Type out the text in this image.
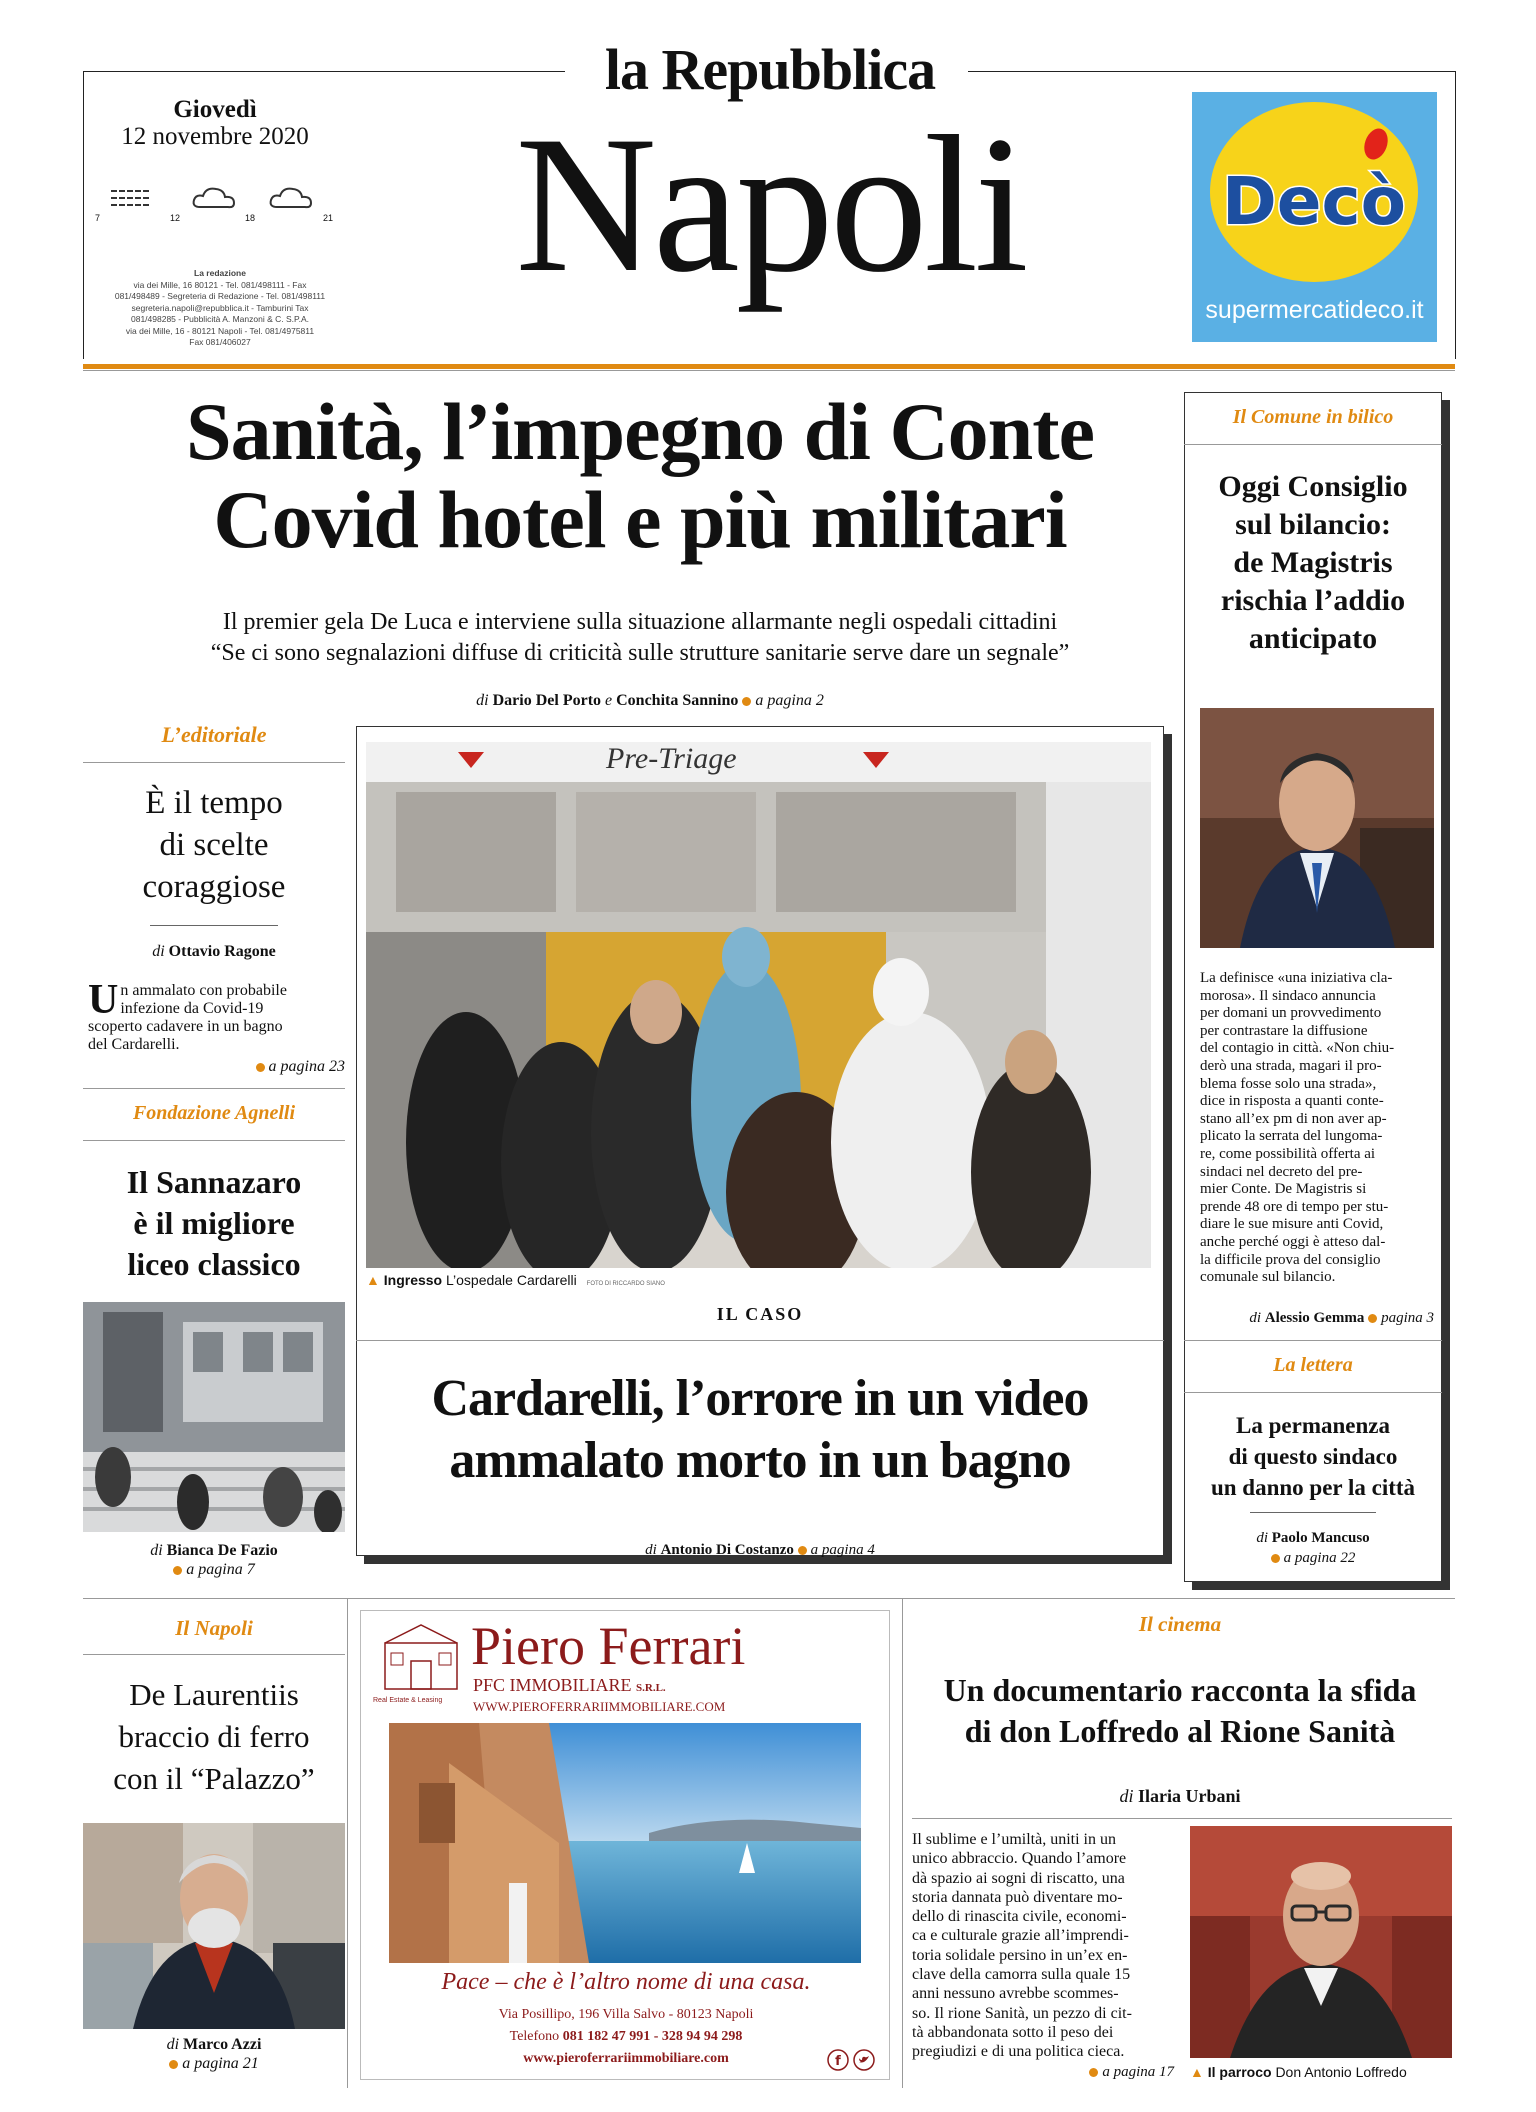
la Repubblica
Napoli
Giovedì
12 novembre 2020
7	12	18	21
La redazione
via dei Mille, 16 80121 - Tel. 081/498111 - Fax
081/498489 - Segreteria di Redazione - Tel. 081/498111
segreteria.napoli@repubblica.it - Tamburini Tax
081/498285 - Pubblicità A. Manzoni & C. S.P.A.
via dei Mille, 16 - 80121 Napoli - Tel. 081/4975811
Fax 081/406027
Decò
supermercatideco.it
Sanità, l’impegno di Conte
Covid hotel e più militari
Il premier gela De Luca e interviene sulla situazione allarmante negli ospedali cittadini
“Se ci sono segnalazioni diffuse di criticità sulle strutture sanitarie serve dare un segnale”
di Dario Del Porto e Conchita Sannino a pagina 2
L’editoriale
È il tempo
di scelte
coraggiose
di Ottavio Ragone
U n ammalato con probabile
infezione da Covid-19
scoperto cadavere in un bagno
del Cardarelli.
a pagina 23
Fondazione Agnelli
Il Sannazaro
è il migliore
liceo classico
di Bianca De Fazio
a pagina 7
Pre-Triage
▲ Ingresso L’ospedale Cardarelli FOTO DI RICCARDO SIANO
IL CASO
Cardarelli, l’orrore in un video
ammalato morto in un bagno
di Antonio Di Costanzo a pagina 4
Il Comune in bilico
Oggi Consiglio
sul bilancio:
de Magistris
rischia l’addio
anticipato
La definisce «una iniziativa cla-
morosa». Il sindaco annuncia
per domani un provvedimento
per contrastare la diffusione
del contagio in città. «Non chiu-
derò una strada, magari il pro-
blema fosse solo una strada»,
dice in risposta a quanti conte-
stano all’ex pm di non aver ap-
plicato la serrata del lungoma-
re, come possibilità offerta ai
sindaci nel decreto del pre-
mier Conte. De Magistris si
prende 48 ore di tempo per stu-
diare le sue misure anti Covid,
anche perché oggi è atteso dal-
la difficile prova del consiglio
comunale sul bilancio.
di Alessio Gemma pagina 3
La lettera
La permanenza
di questo sindaco
un danno per la città
di Paolo Mancuso
a pagina 22
Il Napoli
De Laurentiis
braccio di ferro
con il “Palazzo”
di Marco Azzi
a pagina 21
Real Estate & Leasing
Piero Ferrari
PFC IMMOBILIARE S.R.L.
WWW.PIEROFERRARIIMMOBILIARE.COM
Pace – che è l’altro nome di una casa.
Via Posillipo, 196 Villa Salvo - 80123 Napoli
Telefono 081 182 47 991 - 328 94 94 298
www.pieroferrariimmobiliare.com	f
Il cinema
Un documentario racconta la sfida
di don Loffredo al Rione Sanità
di Ilaria Urbani
Il sublime e l’umiltà, uniti in un
unico abbraccio. Quando l’amore
dà spazio ai sogni di riscatto, una
storia dannata può diventare mo-
dello di rinascita civile, economi-
ca e culturale grazie all’imprendi-
toria solidale persino in un’ex en-
clave della camorra sulla quale 15
anni nessuno avrebbe scommes-
so. Il rione Sanità, un pezzo di cit-
tà abbandonata sotto il peso dei
pregiudizi e di una politica cieca.
a pagina 17 ▲ Il parroco Don Antonio Loffredo
